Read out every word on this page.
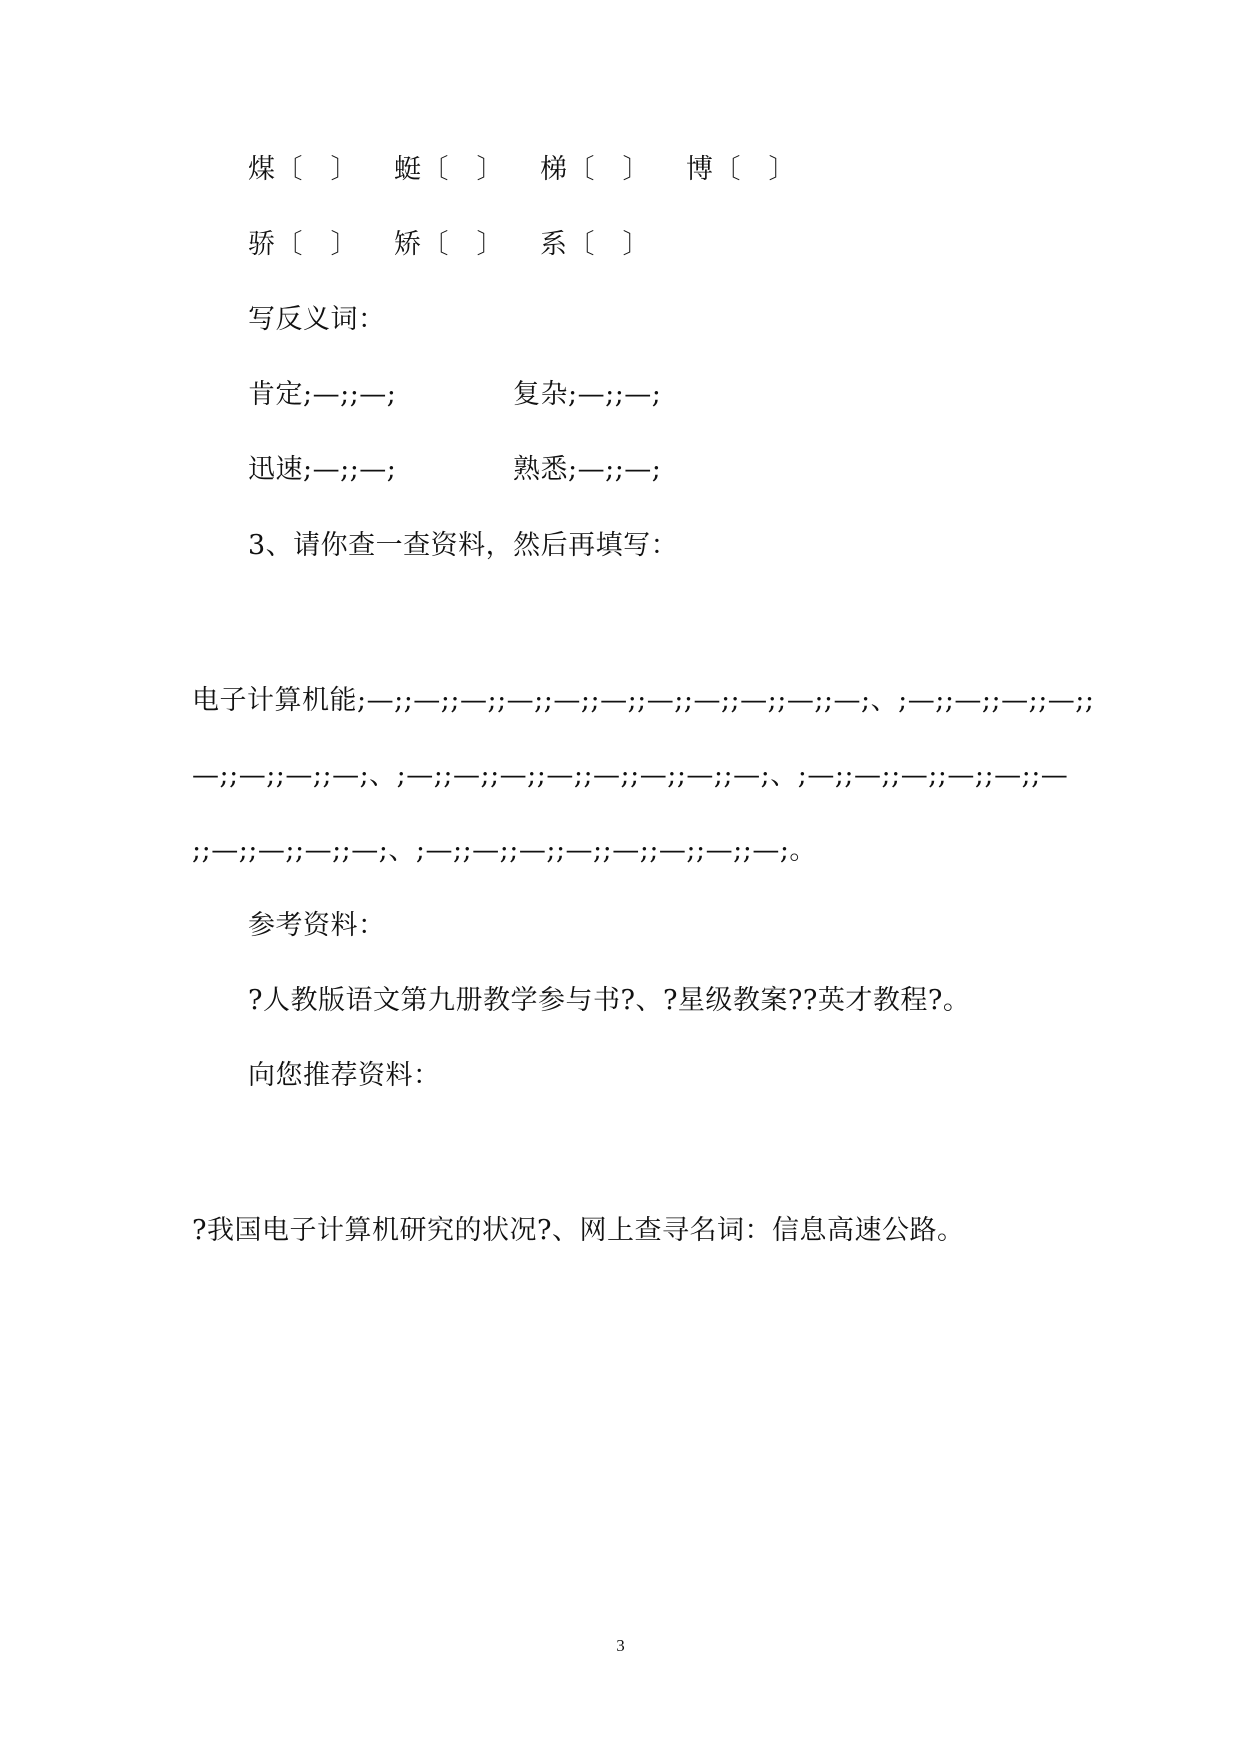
煤〔　〕 蜓〔　〕 梯〔　〕 博〔　〕
骄〔　〕 矫〔　〕 系〔　〕
写反义词：
肯定;—;;—;	复杂;—;;—;
迅速;—;;—;	熟悉;—;;—;
3、请你查一查资料，然后再填写：
电子计算机能;—;;—;;—;;—;;—;;—;;—;;—;;—;;—;;—;、;—;;—;;—;;—;;
—;;—;;—;;—;、;—;;—;;—;;—;;—;;—;;—;;—;、;—;;—;;—;;—;;—;;—
;;—;;—;;—;;—;、;—;;—;;—;;—;;—;;—;;—;;—;。
参考资料：
?人教版语文第九册教学参与书?、?星级教案??英才教程?。
向您推荐资料：
?我国电子计算机研究的状况?、网上查寻名词：信息高速公路。
3
